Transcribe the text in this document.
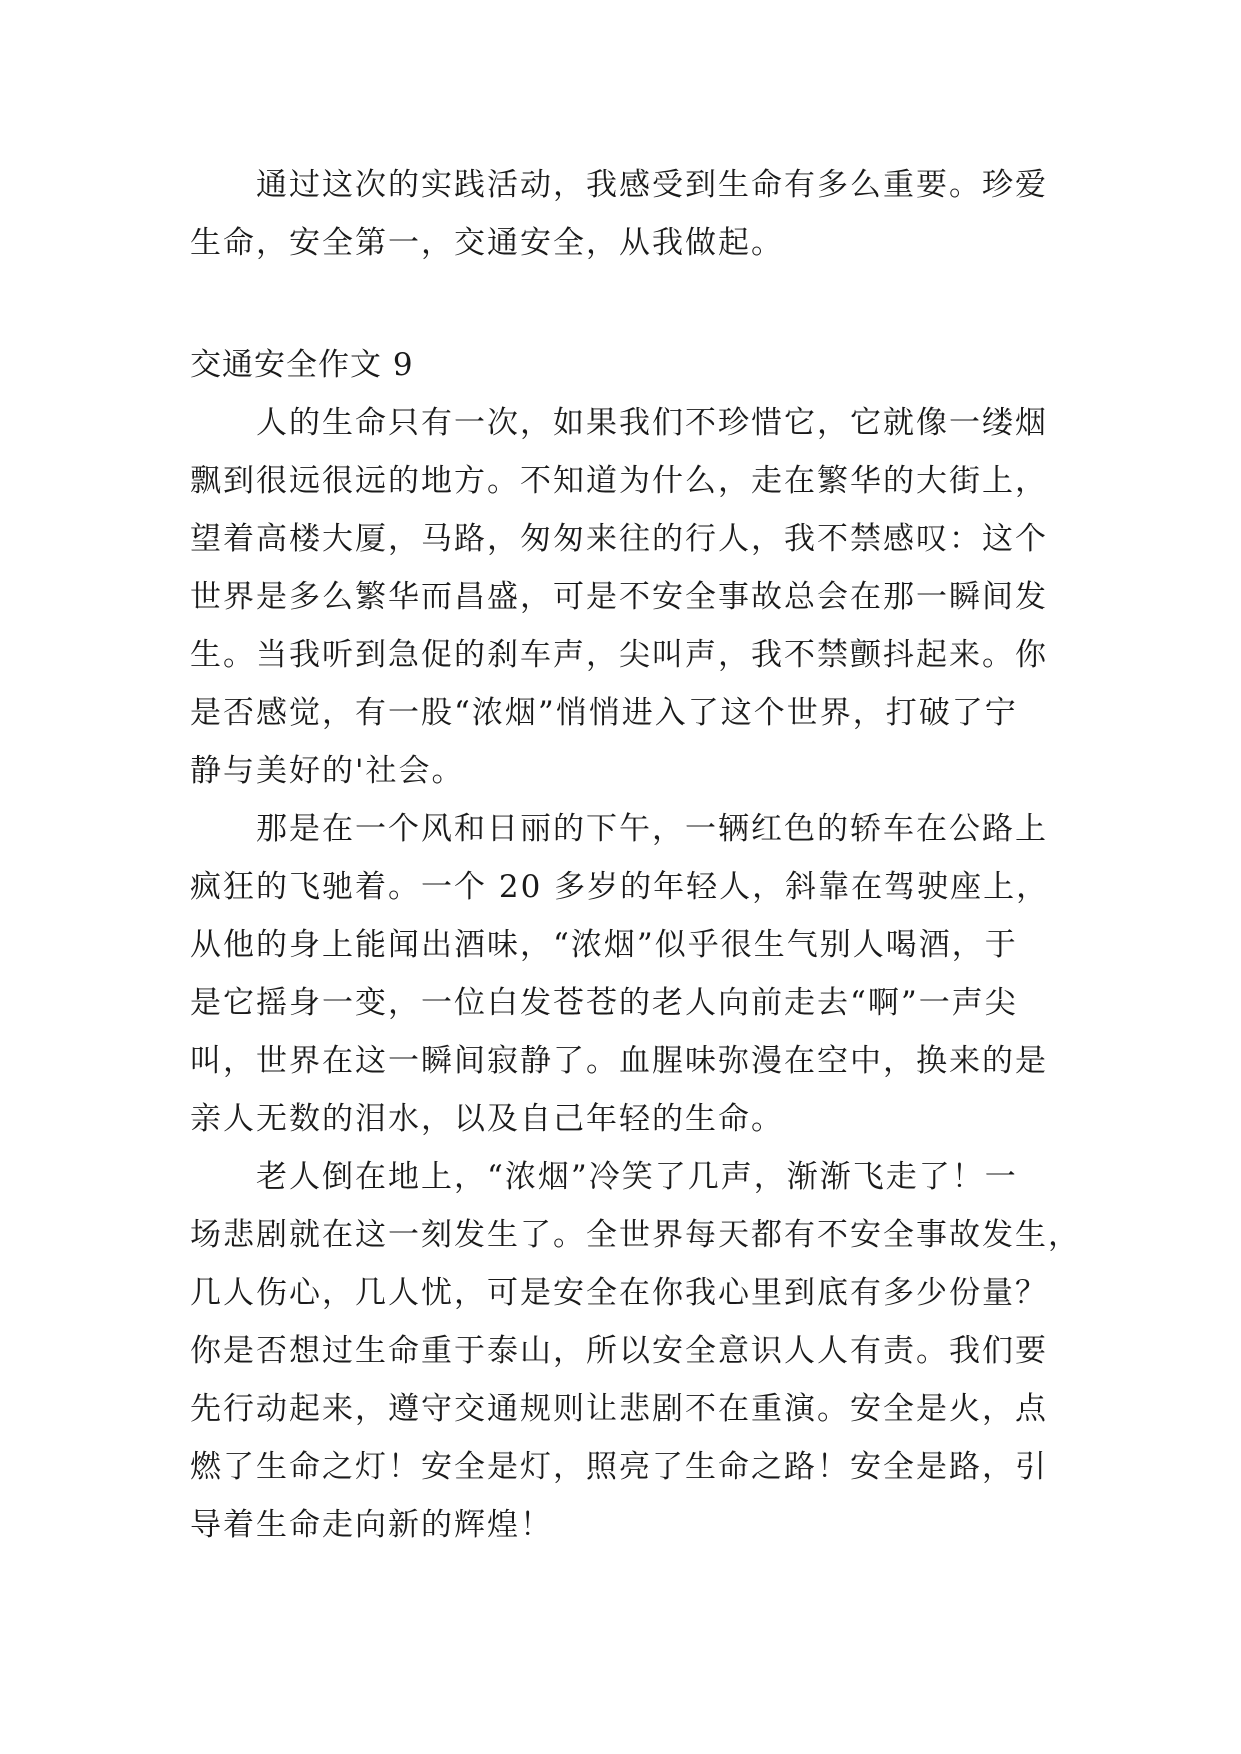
通过这次的实践活动，我感受到生命有多么重要。珍爱
生命，安全第一，交通安全，从我做起。
交通安全作文 9
人的生命只有一次，如果我们不珍惜它，它就像一缕烟
飘到很远很远的地方。不知道为什么，走在繁华的大街上，
望着高楼大厦，马路，匆匆来往的行人，我不禁感叹：这个
世界是多么繁华而昌盛，可是不安全事故总会在那一瞬间发
生。当我听到急促的刹车声，尖叫声，我不禁颤抖起来。你
是否感觉，有一股“浓烟”悄悄进入了这个世界，打破了宁
静与美好的'社会。
那是在一个风和日丽的下午，一辆红色的轿车在公路上
疯狂的飞驰着。一个 20 多岁的年轻人，斜靠在驾驶座上，
从他的身上能闻出酒味，“浓烟”似乎很生气别人喝酒，于
是它摇身一变，一位白发苍苍的老人向前走去“啊”一声尖
叫，世界在这一瞬间寂静了。血腥味弥漫在空中，换来的是
亲人无数的泪水，以及自己年轻的生命。
老人倒在地上，“浓烟”冷笑了几声，渐渐飞走了！一
场悲剧就在这一刻发生了。全世界每天都有不安全事故发生，
几人伤心，几人忧，可是安全在你我心里到底有多少份量？
你是否想过生命重于泰山，所以安全意识人人有责。我们要
先行动起来，遵守交通规则让悲剧不在重演。安全是火，点
燃了生命之灯！安全是灯，照亮了生命之路！安全是路，引
导着生命走向新的辉煌！
